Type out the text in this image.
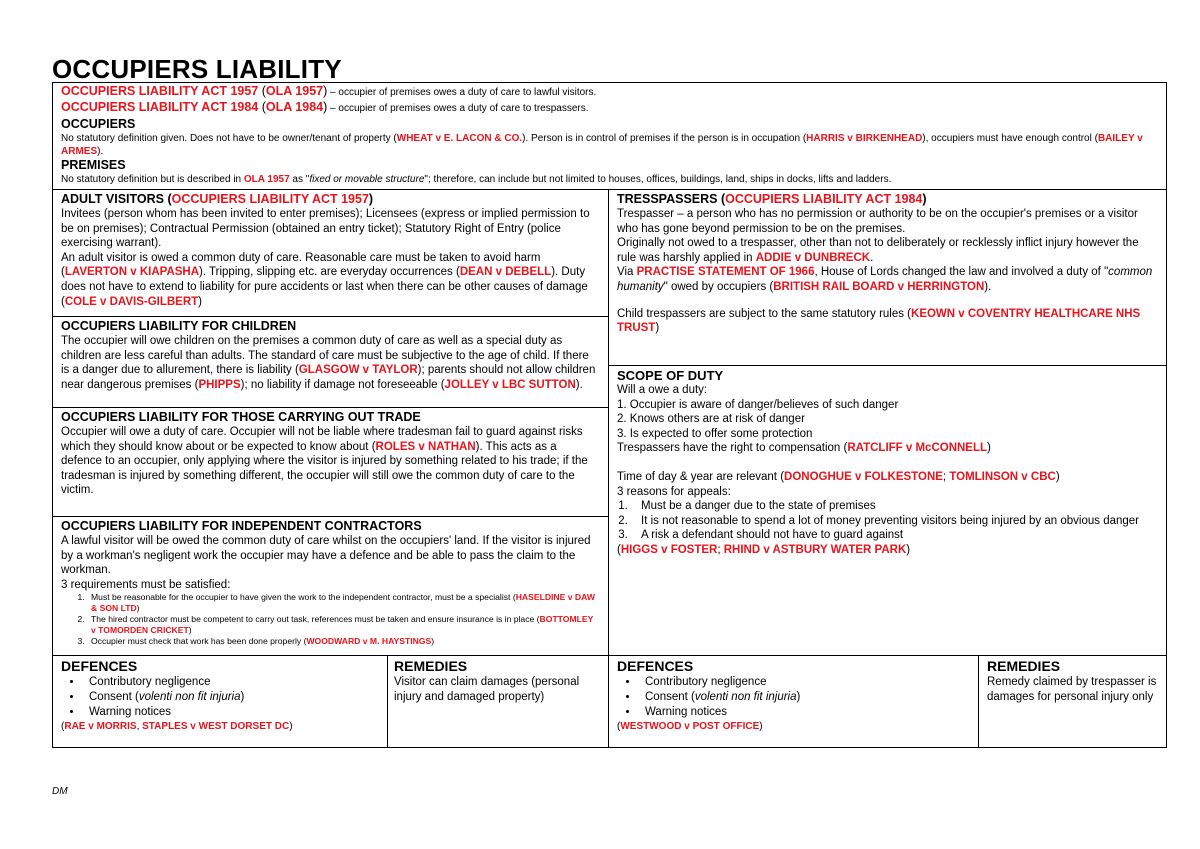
OCCUPIERS LIABILITY
OCCUPIERS LIABILITY ACT 1957 (OLA 1957) – occupier of premises owes a duty of care to lawful visitors.
OCCUPIERS LIABILITY ACT 1984 (OLA 1984) – occupier of premises owes a duty of care to trespassers.
OCCUPIERS
No statutory definition given. Does not have to be owner/tenant of property (WHEAT v E. LACON & CO.). Person is in control of premises if the person is in occupation (HARRIS v BIRKENHEAD), occupiers must have enough control (BAILEY v ARMES).
PREMISES
No statutory definition but is described in OLA 1957 as "fixed or movable structure"; therefore, can include but not limited to houses, offices, buildings, land, ships in docks, lifts and ladders.
ADULT VISITORS (OCCUPIERS LIABILITY ACT 1957)

Invitees (person whom has been invited to enter premises); Licensees (express or implied permission to be on premises); Contractual Permission (obtained an entry ticket); Statutory Right of Entry (police exercising warrant).

An adult visitor is owed a common duty of care. Reasonable care must be taken to avoid harm (LAVERTON v KIAPASHA). Tripping, slipping etc. are everyday occurrences (DEAN v DEBELL). Duty does not have to extend to liability for pure accidents or last when there can be other causes of damage (COLE v DAVIS-GILBERT)

OCCUPIERS LIABILITY FOR CHILDREN

The occupier will owe children on the premises a common duty of care as well as a special duty as children are less careful than adults. The standard of care must be subjective to the age of child. If there is a danger due to allurement, there is liability (GLASGOW v TAYLOR); parents should not allow children near dangerous premises (PHIPPS); no liability if damage not foreseeable (JOLLEY v LBC SUTTON).

OCCUPIERS LIABILITY FOR THOSE CARRYING OUT TRADE

Occupier will owe a duty of care. Occupier will not be liable where tradesman fail to guard against risks which they should know about or be expected to know about (ROLES v NATHAN). This acts as a defence to an occupier, only applying where the visitor is injured by something related to his trade; if the tradesman is injured by something different, the occupier will still owe the common duty of care to the victim.

OCCUPIERS LIABILITY FOR INDEPENDENT CONTRACTORS

A lawful visitor will be owed the common duty of care whilst on the occupiers' land. If the visitor is injured by a workman's negligent work the occupier may have a defence and be able to pass the claim to the workman.

3 requirements must be satisfied:

1. Must be reasonable for the occupier to have given the work to the independent contractor, must be a specialist (HASELDINE v DAW & SON LTD)
2. The hired contractor must be competent to carry out task, references must be taken and ensure insurance is in place (BOTTOMLEY v TOMORDEN CRICKET)
3. Occupier must check that work has been done properly (WOODWARD v M. HAYSTINGS)
TRESSPASSERS (OCCUPIERS LIABILITY ACT 1984)

Trespasser – a person who has no permission or authority to be on the occupier's premises or a visitor who has gone beyond permission to be on the premises.

Originally not owed to a trespasser, other than not to deliberately or recklessly inflict injury however the rule was harshly applied in ADDIE v DUNBRECK.

Via PRACTISE STATEMENT OF 1966, House of Lords changed the law and involved a duty of "common humanity" owed by occupiers (BRITISH RAIL BOARD v HERRINGTON).

Child trespassers are subject to the same statutory rules (KEOWN v COVENTRY HEALTHCARE NHS TRUST)

SCOPE OF DUTY

Will a owe a duty:

1. Occupier is aware of danger/believes of such danger

2. Knows others are at risk of danger

3. Is expected to offer some protection

Trespassers have the right to compensation (RATCLIFF v McCONNELL)

Time of day & year are relevant (DONOGHUE v FOLKESTONE; TOMLINSON v CBC)

3 reasons for appeals:

1. Must be a danger due to the state of premises
2. It is not reasonable to spend a lot of money preventing visitors being injured by an obvious danger
3. A risk a defendant should not have to guard against

(HIGGS v FOSTER; RHIND v ASTBURY WATER PARK)

DEFENCES
• Contributory negligence
• Consent (volenti non fit injuria)
• Warning notices
(RAE v MORRIS, STAPLES v WEST DORSET DC)
REMEDIES

Visitor can claim damages (personal injury and damaged property)

DEFENCES
• Contributory negligence
• Consent (volenti non fit injuria)
• Warning notices
(WESTWOOD v POST OFFICE)
REMEDIES

Remedy claimed by trespasser is damages for personal injury only

DM
